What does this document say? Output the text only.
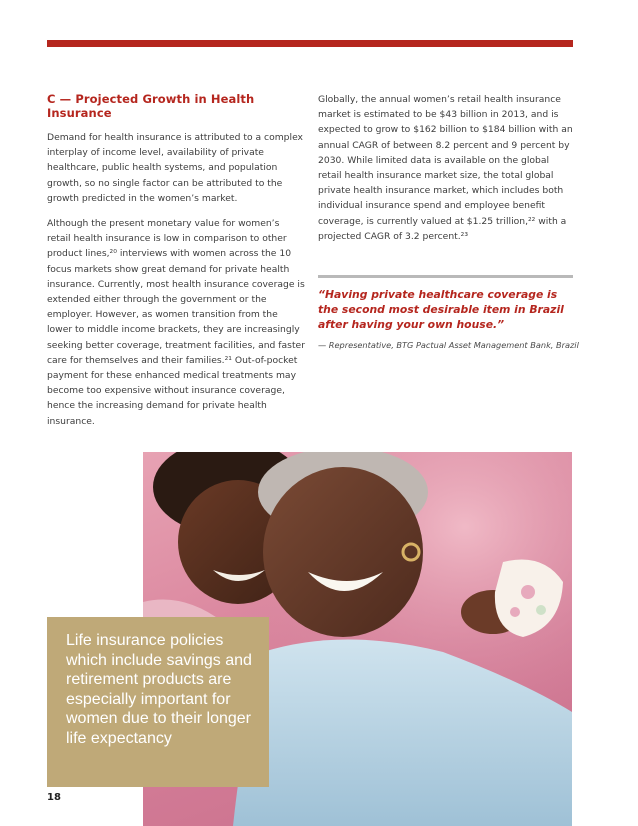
C — Projected Growth in Health Insurance

Demand for health insurance is attributed to a complex interplay of income level, availability of private healthcare, public health systems, and population growth, so no single factor can be attributed to the growth predicted in the women’s market.

Although the present monetary value for women’s retail health insurance is low in comparison to other product lines,²⁰ interviews with women across the 10 focus markets show great demand for private health insurance. Currently, most health insurance coverage is extended either through the government or the employer. However, as women transition from the lower to middle income brackets, they are increasingly seeking better coverage, treatment facilities, and faster care for themselves and their families.²¹ Out-of-pocket payment for these enhanced medical treatments may become too expensive without insurance coverage, hence the increasing demand for private health insurance.

Globally, the annual women’s retail health insurance market is estimated to be $43 billion in 2013, and is expected to grow to $162 billion to $184 billion with an annual CAGR of between 8.2 percent and 9 percent by 2030. While limited data is available on the global retail health insurance market size, the total global private health insurance market, which includes both individual insurance spend and employee benefit coverage, is currently valued at $1.25 trillion,²² with a projected CAGR of 3.2 percent.²³

“Having private healthcare coverage is the second most desirable item in Brazil after having your own house.”

— Representative, BTG Pactual Asset Management Bank, Brazil

Life insurance policies which include savings and retirement products are especially important for women due to their longer life expectancy

18
